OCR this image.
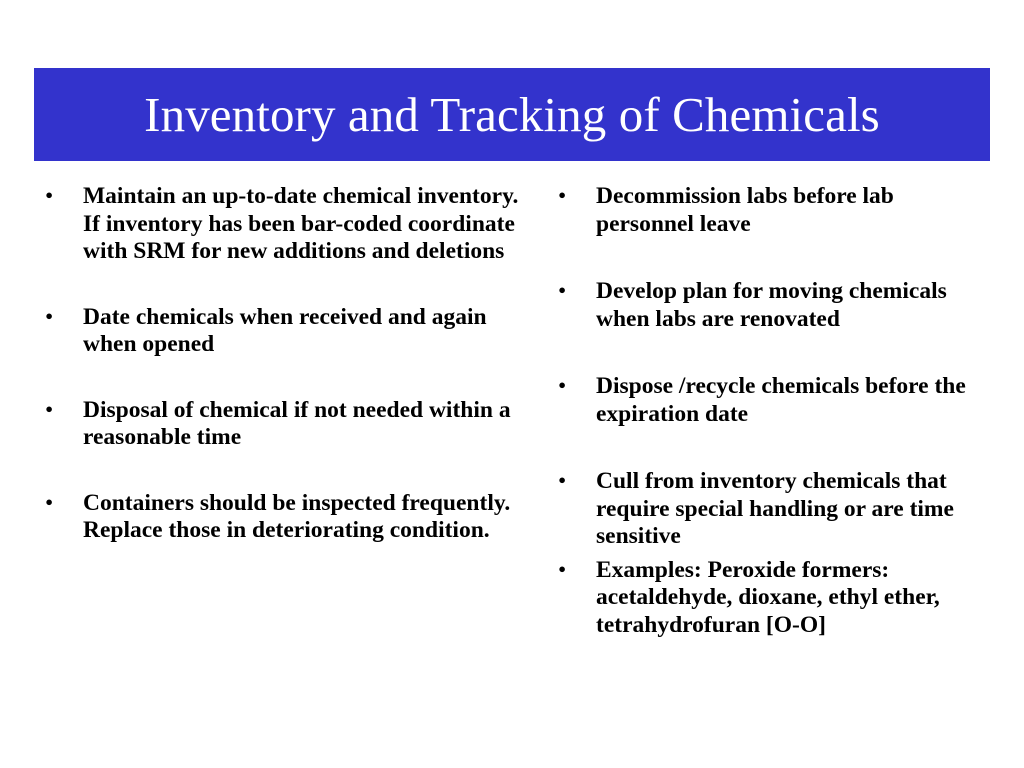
Inventory and Tracking of Chemicals
• Maintain an up-to-date chemical inventory. If inventory has been bar-coded coordinate with SRM for new additions and deletions
• Date chemicals when received and again when opened
• Disposal of chemical if not needed within a reasonable time
• Containers should be inspected frequently. Replace those in deteriorating condition.
• Decommission labs before lab personnel leave
• Develop plan for moving chemicals when labs are renovated
• Dispose /recycle chemicals before the expiration date
• Cull from inventory chemicals that require special handling or are time sensitive
• Examples: Peroxide formers: acetaldehyde, dioxane, ethyl ether, tetrahydrofuran [O-O]
